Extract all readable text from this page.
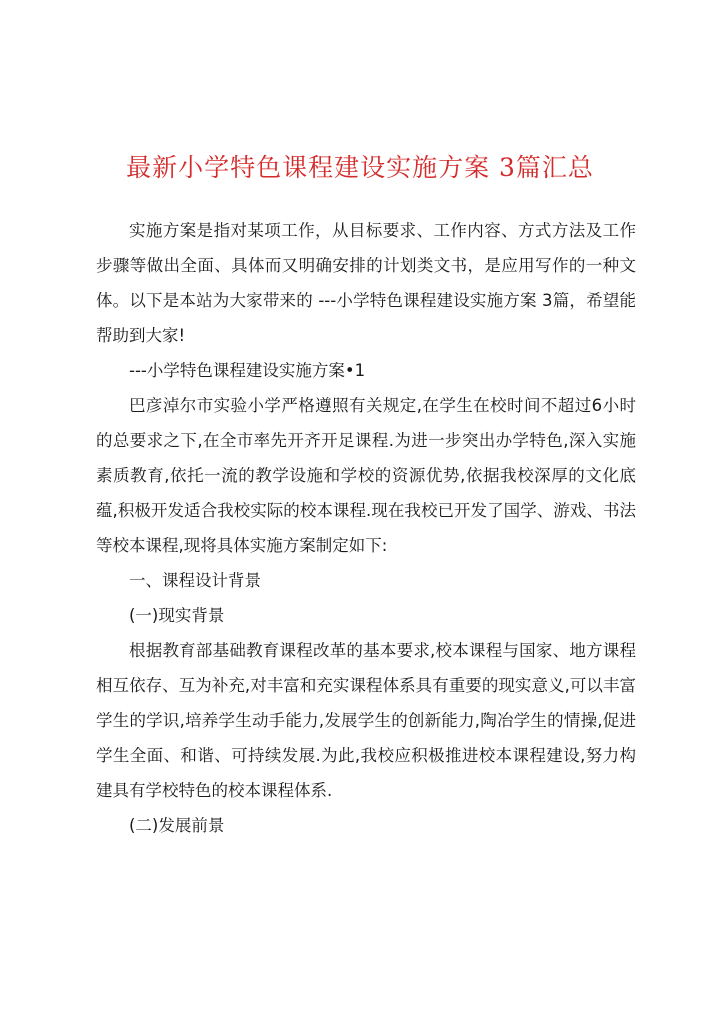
最新小学特色课程建设实施方案 3篇汇总

实施方案是指对某项工作，从目标要求、工作内容、方式方法及工作步骤等做出全面、具体而又明确安排的计划类文书，是应用写作的一种文体。以下是本站为大家带来的 ---小学特色课程建设实施方案 3篇，希望能帮助到大家!

---小学特色课程建设实施方案•1

巴彦淖尔市实验小学严格遵照有关规定,在学生在校时间不超过6小时的总要求之下,在全市率先开齐开足课程.为进一步突出办学特色,深入实施素质教育,依托一流的教学设施和学校的资源优势,依据我校深厚的文化底蕴,积极开发适合我校实际的校本课程.现在我校已开发了国学、游戏、书法等校本课程,现将具体实施方案制定如下:

一、课程设计背景

(一)现实背景

根据教育部基础教育课程改革的基本要求,校本课程与国家、地方课程相互依存、互为补充,对丰富和充实课程体系具有重要的现实意义,可以丰富学生的学识,培养学生动手能力,发展学生的创新能力,陶冶学生的情操,促进学生全面、和谐、可持续发展.为此,我校应积极推进校本课程建设,努力构建具有学校特色的校本课程体系.

(二)发展前景
